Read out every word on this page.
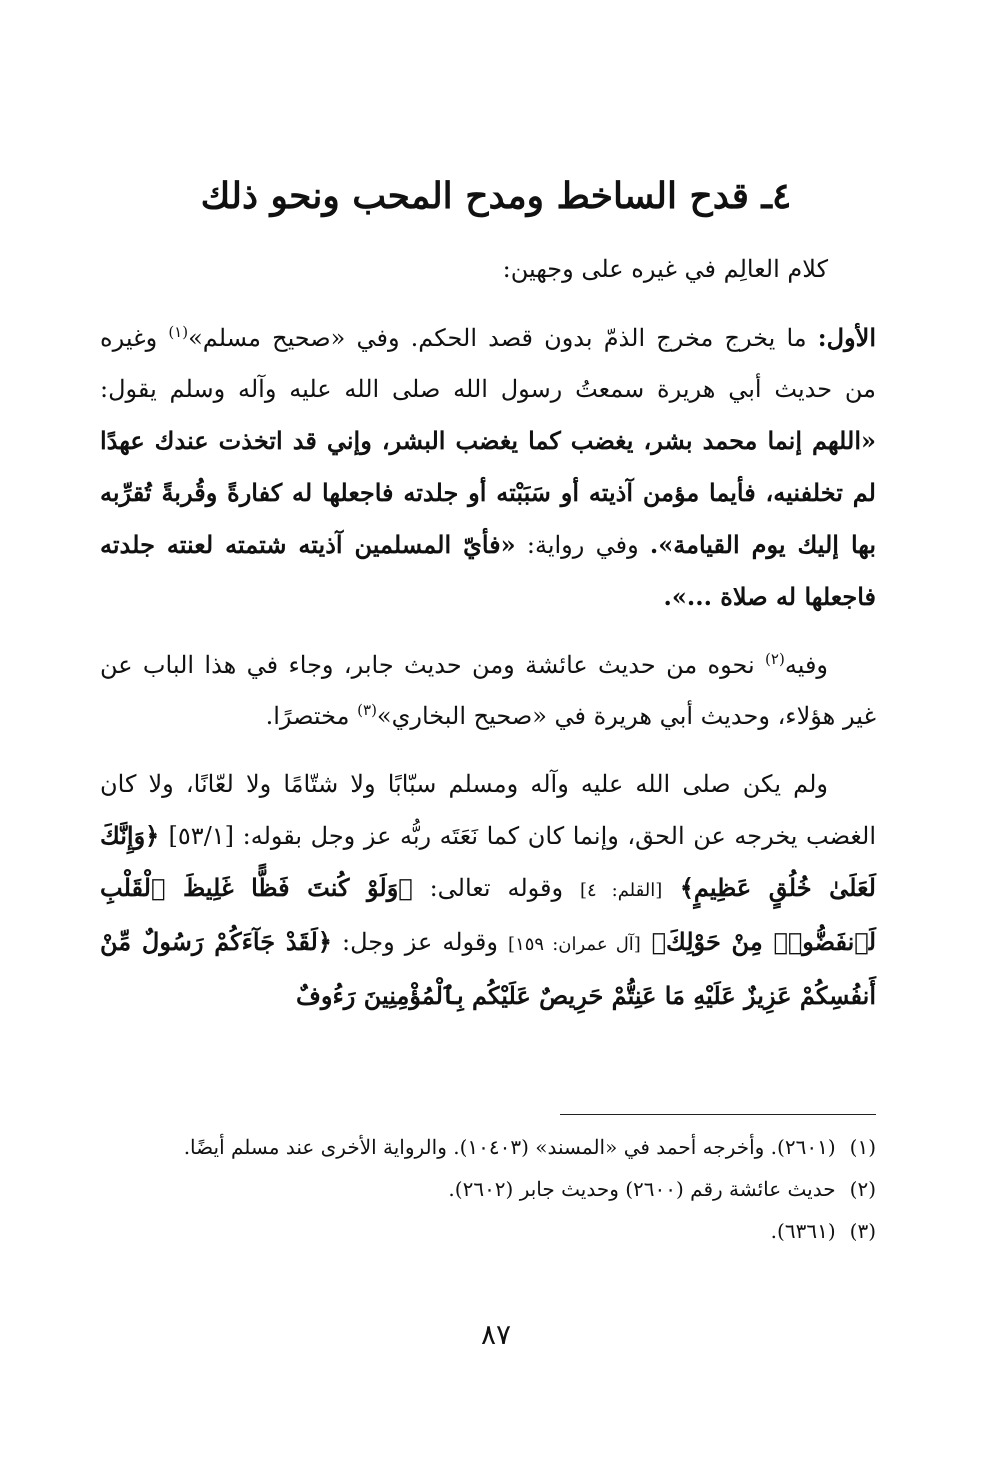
٤ـ قدح الساخط ومدح المحب ونحو ذلك

كلام العالِم في غيره على وجهين:

الأول: ما يخرج مخرج الذمّ بدون قصد الحكم. وفي «صحيح مسلم»$^{(١)}$ وغيره من حديث أبي هريرة سمعتُ رسول الله صلى الله عليه وآله وسلم يقول: «اللهم إنما محمد بشر، يغضب كما يغضب البشر، وإني قد اتخذت عندك عهدًا لم تخلفنيه، فأيما مؤمن آذيته أو سَبَبْته أو جلدته فاجعلها له كفارةً وقُربةً تُقرِّبه بها إليك يوم القيامة». وفي رواية: «فأيّ المسلمين آذيته شتمته لعنته جلدته فاجعلها له صلاة ...».

وفيه$^{(٢)}$ نحوه من حديث عائشة ومن حديث جابر، وجاء في هذا الباب عن غير هؤلاء، وحديث أبي هريرة في «صحيح البخاري»$^{(٣)}$ مختصرًا.

ولم يكن صلى الله عليه وآله ومسلم سبّابًا ولا شتّامًا ولا لعّانًا، ولا كان الغضب يخرجه عن الحق، وإنما كان كما نَعَتَه ربُّه عز وجل بقوله: [٥٣/١] ﴿وَإِنَّكَ لَعَلَىٰ خُلُقٍ عَظِيمٍ﴾ [القلم: ٤] وقوله تعالى: ﴿وَلَوْ كُنتَ فَظًّا غَلِيظَ ٱلْقَلْبِ لَٱنفَضُّوا۟ مِنْ حَوْلِكَ﴾ [آل عمران: ١٥٩] وقوله عز وجل: ﴿لَقَدْ جَآءَكُمْ رَسُولٌ مِّنْ أَنفُسِكُمْ عَزِيزٌ عَلَيْهِ مَا عَنِتُّمْ حَرِيصٌ عَلَيْكُم بِٱلْمُؤْمِنِينَ رَءُوفٌ

(١)
(٢٦٠١). وأخرجه أحمد في «المسند» (١٠٤٠٣). والرواية الأخرى عند مسلم أيضًا.
(٢)
حديث عائشة رقم (٢٦٠٠) وحديث جابر (٢٦٠٢).
(٣)
(٦٣٦١).
٨٧
